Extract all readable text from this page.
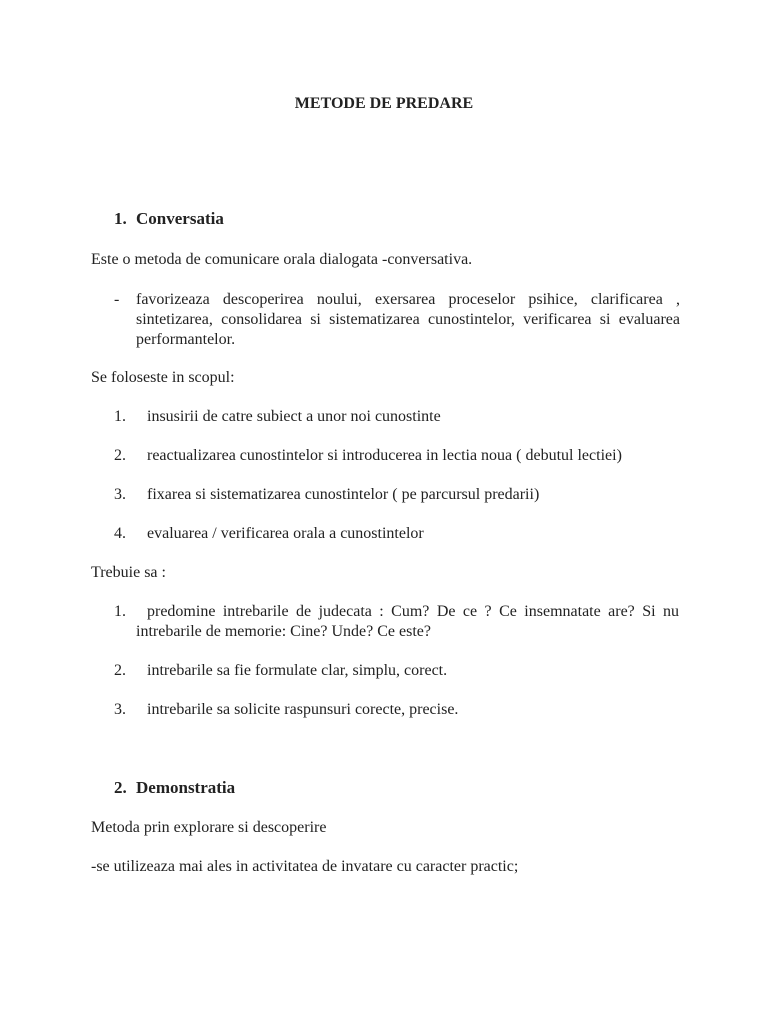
METODE DE PREDARE
1. Conversatia
Este o metoda de comunicare orala dialogata -conversativa.
- favorizeaza descoperirea noului, exersarea proceselor psihice, clarificarea , sintetizarea, consolidarea si sistematizarea cunostintelor, verificarea si evaluarea performantelor.
Se foloseste in scopul:
1.	insusirii de catre subiect a unor noi cunostinte
2.	reactualizarea cunostintelor si introducerea in lectia noua ( debutul lectiei)
3.	fixarea si sistematizarea cunostintelor ( pe parcursul predarii)
4.	evaluarea / verificarea orala a cunostintelor
Trebuie sa :
1.	predomine intrebarile de judecata : Cum? De ce ? Ce insemnatate are? Si nu intrebarile de memorie: Cine? Unde? Ce este?
2.	intrebarile sa fie formulate clar, simplu, corect.
3.	intrebarile sa solicite raspunsuri corecte, precise.
2. Demonstratia
Metoda prin explorare si descoperire
-se utilizeaza mai ales in activitatea de invatare cu caracter practic;
